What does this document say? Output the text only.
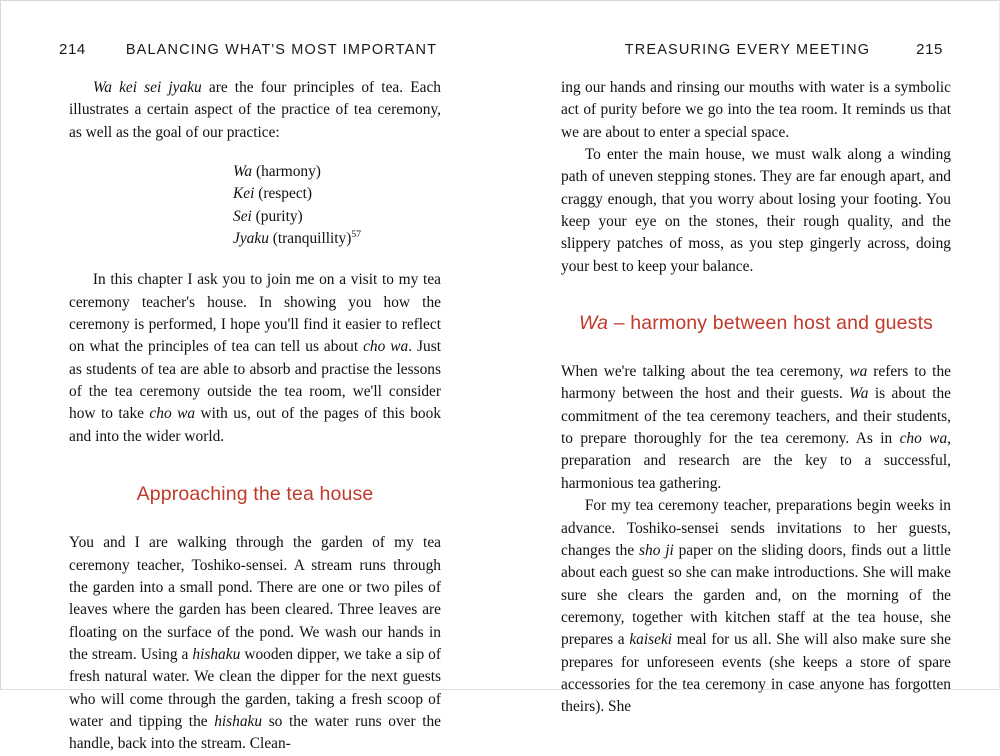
214	BALANCING WHAT'S MOST IMPORTANT

Wa kei sei jyaku are the four principles of tea. Each illustrates a certain aspect of the practice of tea ceremony, as well as the goal of our practice:

Wa (harmony)
Kei (respect)
Sei (purity)
Jyaku (tranquillity)$^{57}$

In this chapter I ask you to join me on a visit to my tea ceremony teacher's house. In showing you how the ceremony is performed, I hope you'll find it easier to reflect on what the principles of tea can tell us about cho wa. Just as students of tea are able to absorb and practise the lessons of the tea ceremony outside the tea room, we'll consider how to take cho wa with us, out of the pages of this book and into the wider world.

Approaching the tea house

You and I are walking through the garden of my tea ceremony teacher, Toshiko-sensei. A stream runs through the garden into a small pond. There are one or two piles of leaves where the garden has been cleared. Three leaves are floating on the surface of the pond. We wash our hands in the stream. Using a hishaku wooden dipper, we take a sip of fresh natural water. We clean the dipper for the next guests who will come through the garden, taking a fresh scoop of water and tipping the hishaku so the water runs over the handle, back into the stream. Clean-

TREASURING EVERY MEETING	215

ing our hands and rinsing our mouths with water is a symbolic act of purity before we go into the tea room. It reminds us that we are about to enter a special space.

To enter the main house, we must walk along a winding path of uneven stepping stones. They are far enough apart, and craggy enough, that you worry about losing your footing. You keep your eye on the stones, their rough quality, and the slippery patches of moss, as you step gingerly across, doing your best to keep your balance.

Wa – harmony between host and guests

When we're talking about the tea ceremony, wa refers to the harmony between the host and their guests. Wa is about the commitment of the tea ceremony teachers, and their students, to prepare thoroughly for the tea ceremony. As in cho wa, preparation and research are the key to a successful, harmonious tea gathering.

For my tea ceremony teacher, preparations begin weeks in advance. Toshiko-sensei sends invitations to her guests, changes the sho ji paper on the sliding doors, finds out a little about each guest so she can make introductions. She will make sure she clears the garden and, on the morning of the ceremony, together with kitchen staff at the tea house, she prepares a kaiseki meal for us all. She will also make sure she prepares for unforeseen events (she keeps a store of spare accessories for the tea ceremony in case anyone has forgotten theirs). She
